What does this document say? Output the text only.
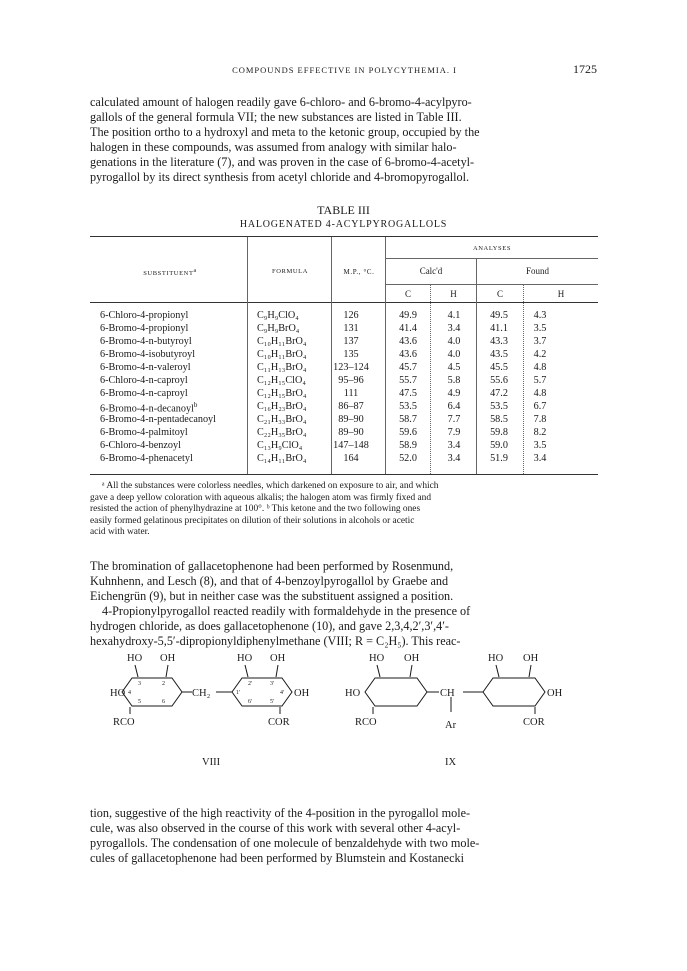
COMPOUNDS EFFECTIVE IN POLYCYTHEMIA. I	1725

calculated amount of halogen readily gave 6-chloro- and 6-bromo-4-acylpyro-
gallols of the general formula VII; the new substances are listed in Table III.
The position ortho to a hydroxyl and meta to the ketonic group, occupied by the
halogen in these compounds, was assumed from analogy with similar halo-
genations in the literature (7), and was proven in the case of 6-bromo-4-acetyl-
pyrogallol by its direct synthesis from acetyl chloride and 4-bromopyrogallol.

TABLE III
HALOGENATED 4-ACYLPYROGALLOLS
SUBSTITUENT$^a$	FORMULA	M.P., °C.
ANALYSES
Calc'd	Found
C	H	C	H
6-Chloro-4-propionyl	C₉H₉ClO₄	126	49.9	4.1	49.5	4.3
6-Bromo-4-propionyl	C₉H₉BrO₄	131	41.4	3.4	41.1	3.5
6-Bromo-4-n-butyroyl	C₁₀H₁₁BrO₄	137	43.6	4.0	43.3	3.7
6-Bromo-4-isobutyroyl	C₁₀H₁₁BrO₄	135	43.6	4.0	43.5	4.2
6-Bromo-4-n-valeroyl	C₁₁H₁₃BrO₄	123–124	45.7	4.5	45.5	4.8
6-Chloro-4-n-caproyl	C₁₂H₁₅ClO₄	95–96	55.7	5.8	55.6	5.7
6-Bromo-4-n-caproyl	C₁₂H₁₅BrO₄	111	47.5	4.9	47.2	4.8
6-Bromo-4-n-decanoyl$^b$	C₁₆H₂₃BrO₄	86–87	53.5	6.4	53.5	6.7
6-Bromo-4-n-pentadecanoyl	C₂₁H₃₃BrO₄	89–90	58.7	7.7	58.5	7.8
6-Bromo-4-palmitoyl	C₂₂H₃₅BrO₄	89–90	59.6	7.9	59.8	8.2
6-Chloro-4-benzoyl	C₁₃H₉ClO₄	147–148	58.9	3.4	59.0	3.5
6-Bromo-4-phenacetyl	C₁₄H₁₁BrO₄	164	52.0	3.4	51.9	3.4

ᵃ All the substances were colorless needles, which darkened on exposure to air, and which
gave a deep yellow coloration with aqueous alkalis; the halogen atom was firmly fixed and
resisted the action of phenylhydrazine at 100°. ᵇ This ketone and the two following ones
easily formed gelatinous precipitates on dilution of their solutions in alcohols or acetic
acid with water.

The bromination of gallacetophenone had been performed by Rosenmund,
Kuhnhenn, and Lesch (8), and that of 4-benzoylpyrogallol by Graebe and
Eichengrün (9), but in neither case was the substituent assigned a position.
4-Propionylpyrogallol reacted readily with formaldehyde in the presence of
hydrogen chloride, as does gallacetophenone (10), and gave 2,3,4,2′,3′,4′-
hexahydroxy-5,5′-dipropionyldiphenylmethane (VIII; R = C₂H₅). This reac-

HO OH	HO OH
HO	OH
CH₂
RCO	COR
3	2
4
5	6
1′
2′	3′
4′
5′
6′
VIII
HO OH	HO OH
HO	OH
CH
Ar
RCO	COR
IX

tion, suggestive of the high reactivity of the 4-position in the pyrogallol mole-
cule, was also observed in the course of this work with several other 4-acyl-
pyrogallols. The condensation of one molecule of benzaldehyde with two mole-
cules of gallacetophenone had been performed by Blumstein and Kostanecki
